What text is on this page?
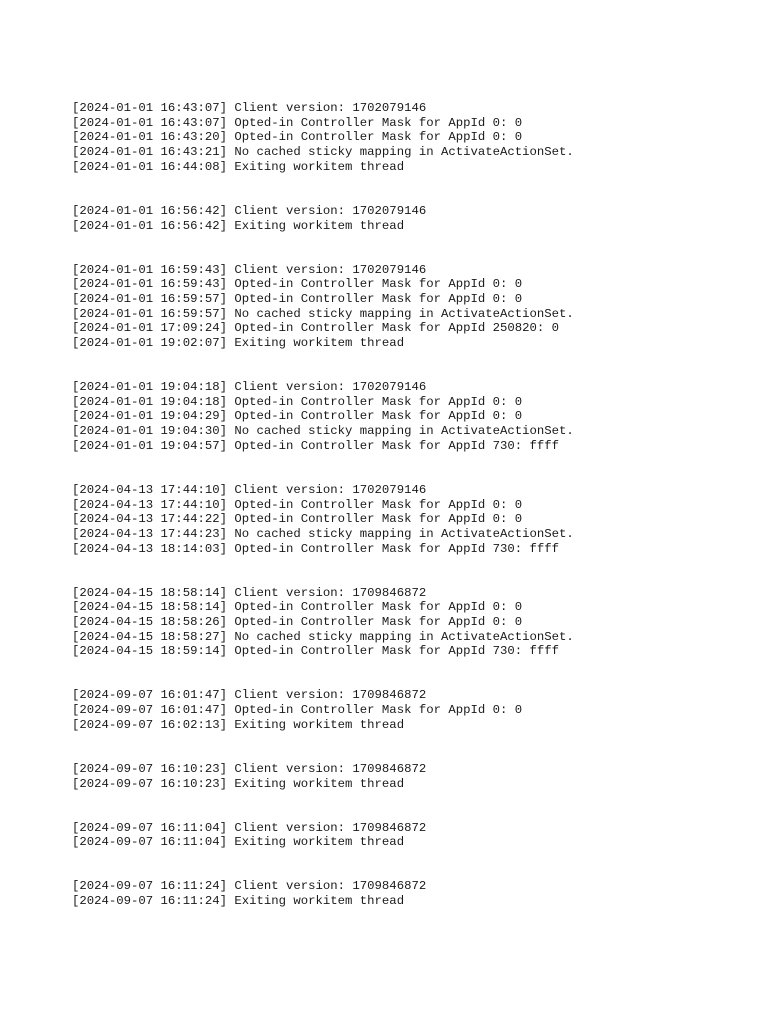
[2024-01-01 16:43:07] Client version: 1702079146
[2024-01-01 16:43:07] Opted-in Controller Mask for AppId 0: 0
[2024-01-01 16:43:20] Opted-in Controller Mask for AppId 0: 0
[2024-01-01 16:43:21] No cached sticky mapping in ActivateActionSet.
[2024-01-01 16:44:08] Exiting workitem thread
[2024-01-01 16:56:42] Client version: 1702079146
[2024-01-01 16:56:42] Exiting workitem thread
[2024-01-01 16:59:43] Client version: 1702079146
[2024-01-01 16:59:43] Opted-in Controller Mask for AppId 0: 0
[2024-01-01 16:59:57] Opted-in Controller Mask for AppId 0: 0
[2024-01-01 16:59:57] No cached sticky mapping in ActivateActionSet.
[2024-01-01 17:09:24] Opted-in Controller Mask for AppId 250820: 0
[2024-01-01 19:02:07] Exiting workitem thread
[2024-01-01 19:04:18] Client version: 1702079146
[2024-01-01 19:04:18] Opted-in Controller Mask for AppId 0: 0
[2024-01-01 19:04:29] Opted-in Controller Mask for AppId 0: 0
[2024-01-01 19:04:30] No cached sticky mapping in ActivateActionSet.
[2024-01-01 19:04:57] Opted-in Controller Mask for AppId 730: ffff
[2024-04-13 17:44:10] Client version: 1702079146
[2024-04-13 17:44:10] Opted-in Controller Mask for AppId 0: 0
[2024-04-13 17:44:22] Opted-in Controller Mask for AppId 0: 0
[2024-04-13 17:44:23] No cached sticky mapping in ActivateActionSet.
[2024-04-13 18:14:03] Opted-in Controller Mask for AppId 730: ffff
[2024-04-15 18:58:14] Client version: 1709846872
[2024-04-15 18:58:14] Opted-in Controller Mask for AppId 0: 0
[2024-04-15 18:58:26] Opted-in Controller Mask for AppId 0: 0
[2024-04-15 18:58:27] No cached sticky mapping in ActivateActionSet.
[2024-04-15 18:59:14] Opted-in Controller Mask for AppId 730: ffff
[2024-09-07 16:01:47] Client version: 1709846872
[2024-09-07 16:01:47] Opted-in Controller Mask for AppId 0: 0
[2024-09-07 16:02:13] Exiting workitem thread
[2024-09-07 16:10:23] Client version: 1709846872
[2024-09-07 16:10:23] Exiting workitem thread
[2024-09-07 16:11:04] Client version: 1709846872
[2024-09-07 16:11:04] Exiting workitem thread
[2024-09-07 16:11:24] Client version: 1709846872
[2024-09-07 16:11:24] Exiting workitem thread
